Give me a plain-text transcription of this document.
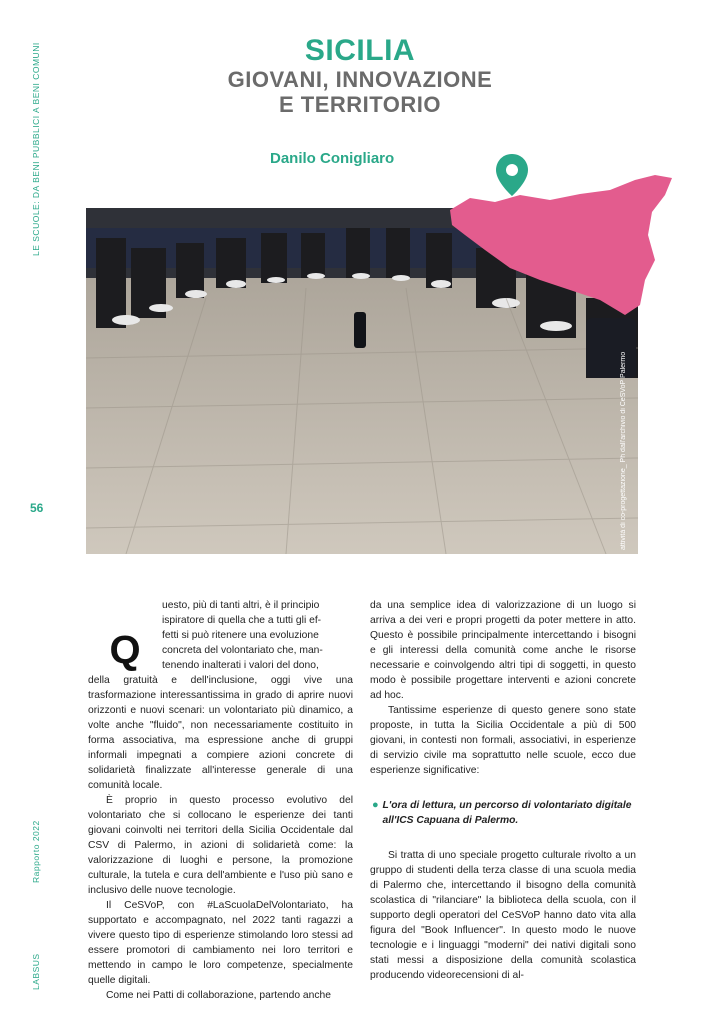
LE SCUOLE: DA BENI PUBBLICI A BENI COMUNI
56
LABSUS
Rapporto 2022
SICILIA
GIOVANI, INNOVAZIONE
E TERRITORIO
Danilo Conigliaro
attività di co-progettazione_ Ph dall'archivio di CeSVoP Palermo
Q

uesto, più di tanti altri, è il principio

ispiratore di quella che a tutti gli ef-

fetti si può ritenere una evoluzione

concreta del volontariato che, man-

tenendo inalterati i valori del dono,

della gratuità e dell'inclusione, oggi vive una trasformazione interessantissima in grado di aprire nuovi orizzonti e nuovi scenari: un volontariato più dinamico, a volte anche "fluido", non necessariamente costituito in forma associativa, ma espressione anche di gruppi informali impegnati a compiere azioni concrete di solidarietà finalizzate all'interesse generale di una comunità locale.

È proprio in questo processo evolutivo del volontariato che si collocano le esperienze dei tanti giovani coinvolti nei territori della Sicilia Occidentale dal CSV di Palermo, in azioni di solidarietà come: la valorizzazione di luoghi e persone, la promozione culturale, la tutela e cura dell'ambiente e l'uso più sano e inclusivo delle nuove tecnologie.

Il CeSVoP, con #LaScuolaDelVolontariato, ha supportato e accompagnato, nel 2022 tanti ragazzi a vivere questo tipo di esperienze stimolando loro stessi ad essere promotori di cambiamento nei loro territori e mettendo in campo le loro competenze, specialmente quelle digitali.

Come nei Patti di collaborazione, partendo anche

da una semplice idea di valorizzazione di un luogo si arriva a dei veri e propri progetti da poter mettere in atto. Questo è possibile principalmente intercettando i bisogni e gli interessi della comunità come anche le risorse necessarie e coinvolgendo altri tipi di soggetti, in questo modo è possibile progettare interventi e azioni concrete ad hoc.

Tantissime esperienze di questo genere sono state proposte, in tutta la Sicilia Occidentale a più di 500 giovani, in contesti non formali, associativi, in esperienze di servizio civile ma soprattutto nelle scuole, ecco due esperienze significative:

● L'ora di lettura, un percorso di volontariato digitale all'ICS Capuana di Palermo.

Si tratta di uno speciale progetto culturale rivolto a un gruppo di studenti della terza classe di una scuola media di Palermo che, intercettando il bisogno della comunità scolastica di "rilanciare" la biblioteca della scuola, con il supporto degli operatori del CeSVoP hanno dato vita alla figura del "Book Influencer". In questo modo le nuove tecnologie e i linguaggi "moderni" dei nativi digitali sono stati messi a disposizione della comunità scolastica producendo videorecensioni di al-
